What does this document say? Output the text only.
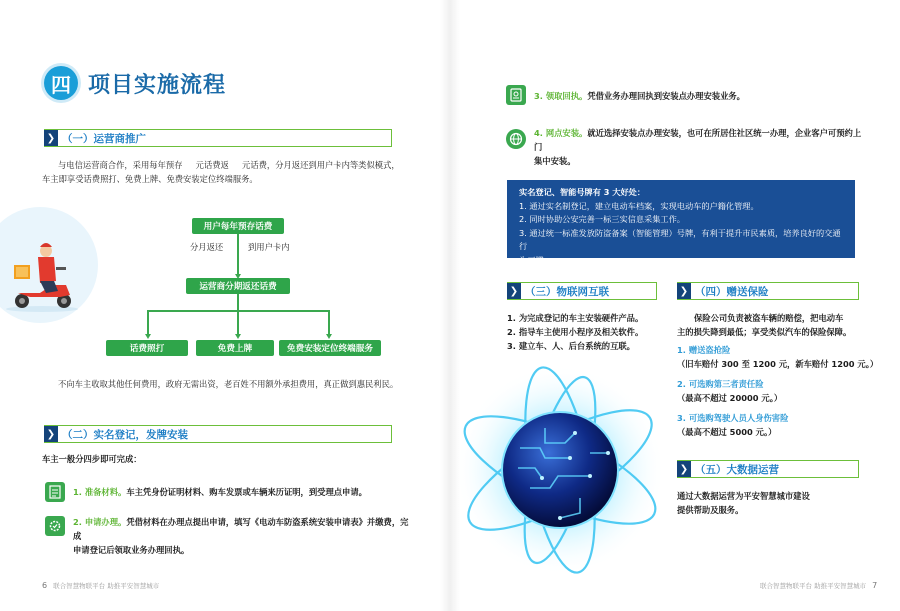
四 项目实施流程
❯ （一）运营商推广
与电信运营商合作，采用每年预存     元话费返     元话费，分月返还到用户卡内等类似模式，
车主即享受话费照打、免费上牌、免费安装定位终端服务。
用户每年预存话费
分月返还	到用户卡内
运营商分期返还话费
话费照打	免费上牌	免费安装定位终端服务
不向车主收取其他任何费用，政府无需出资，老百姓不用额外承担费用，真正做到惠民利民。
❯ （二）实名登记，发牌安装
车主一般分四步即可完成：
1. 准备材料。车主凭身份证明材料、购车发票或车辆来历证明，到受理点申请。
2. 申请办理。凭借材料在办理点提出申请，填写《电动车防盗系统安装申请表》并缴费，完成
申请登记后领取业务办理回执。
6 联合智慧物联平台 助推平安智慧城市
3. 领取回执。凭借业务办理回执到安装点办理安装业务。
4. 网点安装。就近选择安装点办理安装，也可在所居住社区统一办理，企业客户可预约上门
集中安装。
实名登记、智能号牌有 3 大好处：
1. 通过实名制登记，建立电动车档案，实现电动车的户籍化管理。
2. 同时协助公安完善一标三实信息采集工作。
3. 通过统一标准发放防盗备案（智能管理）号牌，有利于提升市民素质，培养良好的交通行
为习惯。
❯ （三）物联网互联
1. 为完成登记的车主安装硬件产品。
2. 指导车主使用小程序及相关软件。
3. 建立车、人、后台系统的互联。
❯ （四）赠送保险
保险公司负责被盗车辆的赔偿，把电动车
主的损失降到最低；享受类似汽车的保险保障。
1. 赠送盗抢险
（旧车赔付 300 至 1200 元，新车赔付 1200 元。）
2. 可选购第三者责任险
（最高不超过 20000 元。）
3. 可选购驾驶人员人身伤害险
（最高不超过 5000 元。）
❯ （五）大数据运营
通过大数据运营为平安智慧城市建设
提供帮助及服务。
联合智慧物联平台 助推平安智慧城市 7
